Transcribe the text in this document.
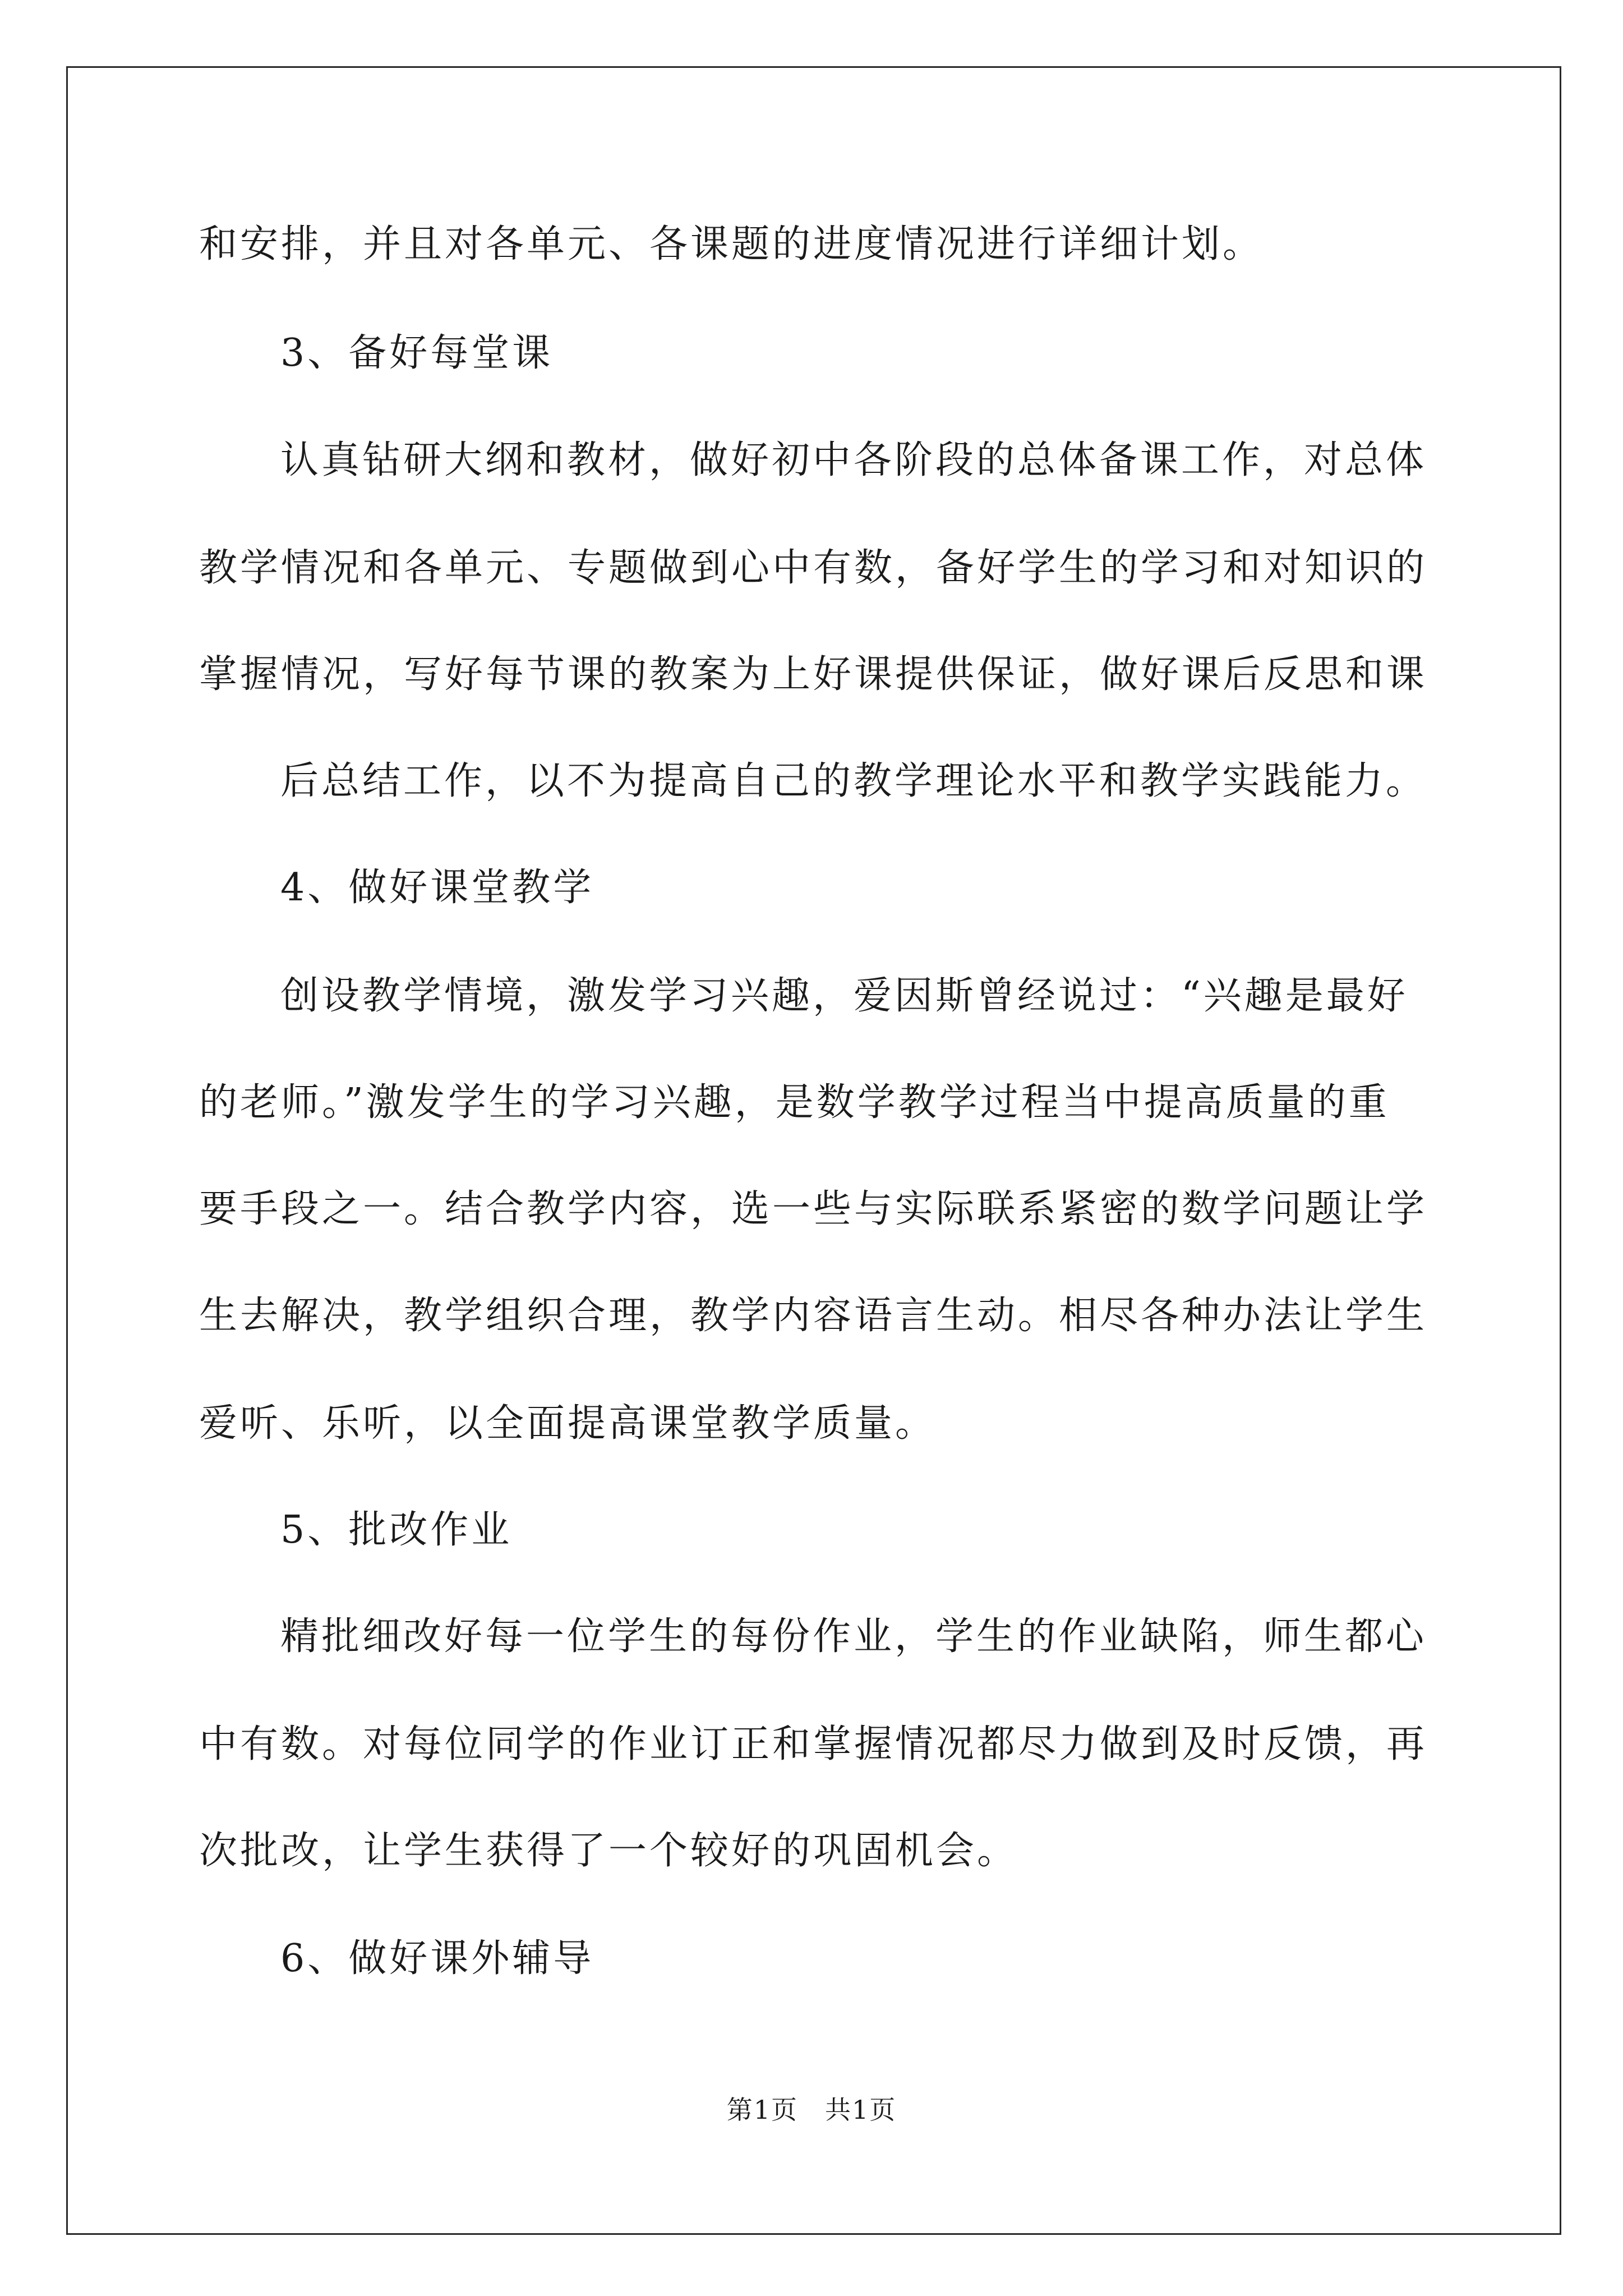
和安排，并且对各单元、各课题的进度情况进行详细计划。
3、备好每堂课
认真钻研大纲和教材，做好初中各阶段的总体备课工作，对总体
教学情况和各单元、专题做到心中有数，备好学生的学习和对知识的
掌握情况，写好每节课的教案为上好课提供保证，做好课后反思和课
后总结工作，以不为提高自己的教学理论水平和教学实践能力。
4、做好课堂教学
创设教学情境，激发学习兴趣，爱因斯曾经说过：“兴趣是最好
的老师。”激发学生的学习兴趣，是数学教学过程当中提高质量的重
要手段之一。结合教学内容，选一些与实际联系紧密的数学问题让学
生去解决，教学组织合理，教学内容语言生动。相尽各种办法让学生
爱听、乐听，以全面提高课堂教学质量。
5、批改作业
精批细改好每一位学生的每份作业，学生的作业缺陷，师生都心
中有数。对每位同学的作业订正和掌握情况都尽力做到及时反馈，再
次批改，让学生获得了一个较好的巩固机会。
6、做好课外辅导
第1页　共1页
